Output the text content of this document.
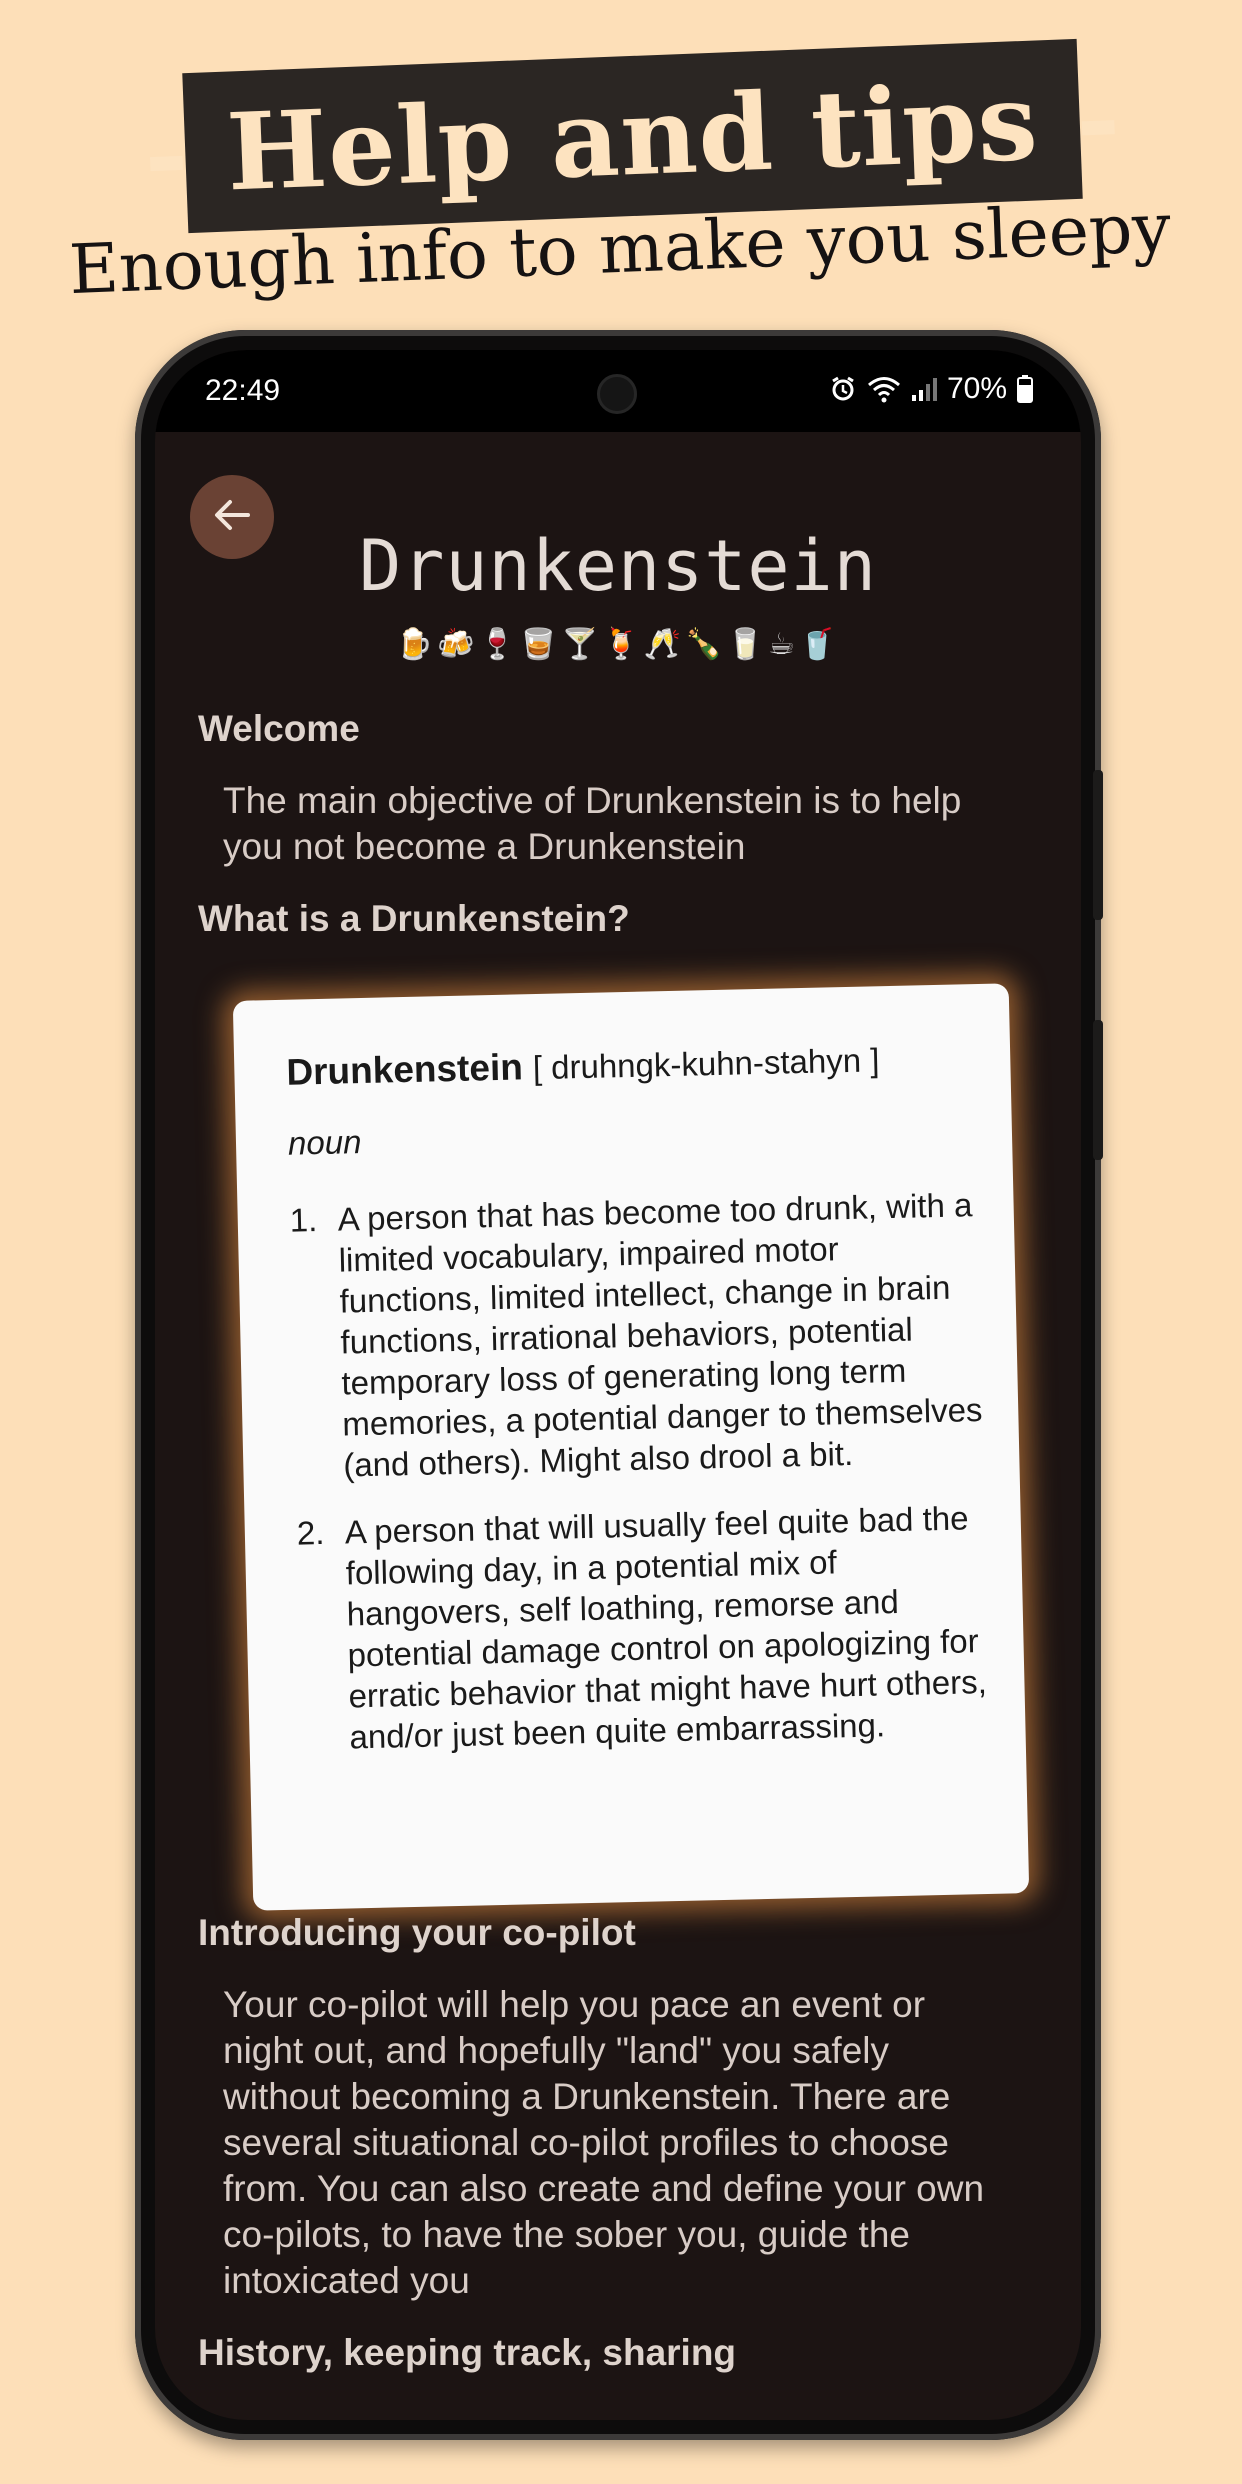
- Help and tips -
Enough info to make you sleepy
22:49	70%
Drunkenstein
🍺🍻🍷🥃🍸🍹🥂🍾🥛☕🥤
Welcome
The main objective of Drunkenstein is to help you not become a Drunkenstein
What is a Drunkenstein?
Drunkenstein [ druhngk-kuhn-stahyn ]
noun
1. A person that has become too drunk, with a limited vocabulary, impaired motor functions, limited intellect, change in brain functions, irrational behaviors, potential temporary loss of generating long term memories, a potential danger to themselves (and others). Might also drool a bit.
2. A person that will usually feel quite bad the following day, in a potential mix of hangovers, self loathing, remorse and potential damage control on apologizing for erratic behavior that might have hurt others, and/or just been quite embarrassing.
Introducing your co-pilot
Your co-pilot will help you pace an event or night out, and hopefully "land" you safely without becoming a Drunkenstein. There are several situational co-pilot profiles to choose from. You can also create and define your own co-pilots, to have the sober you, guide the intoxicated you
History, keeping track, sharing
